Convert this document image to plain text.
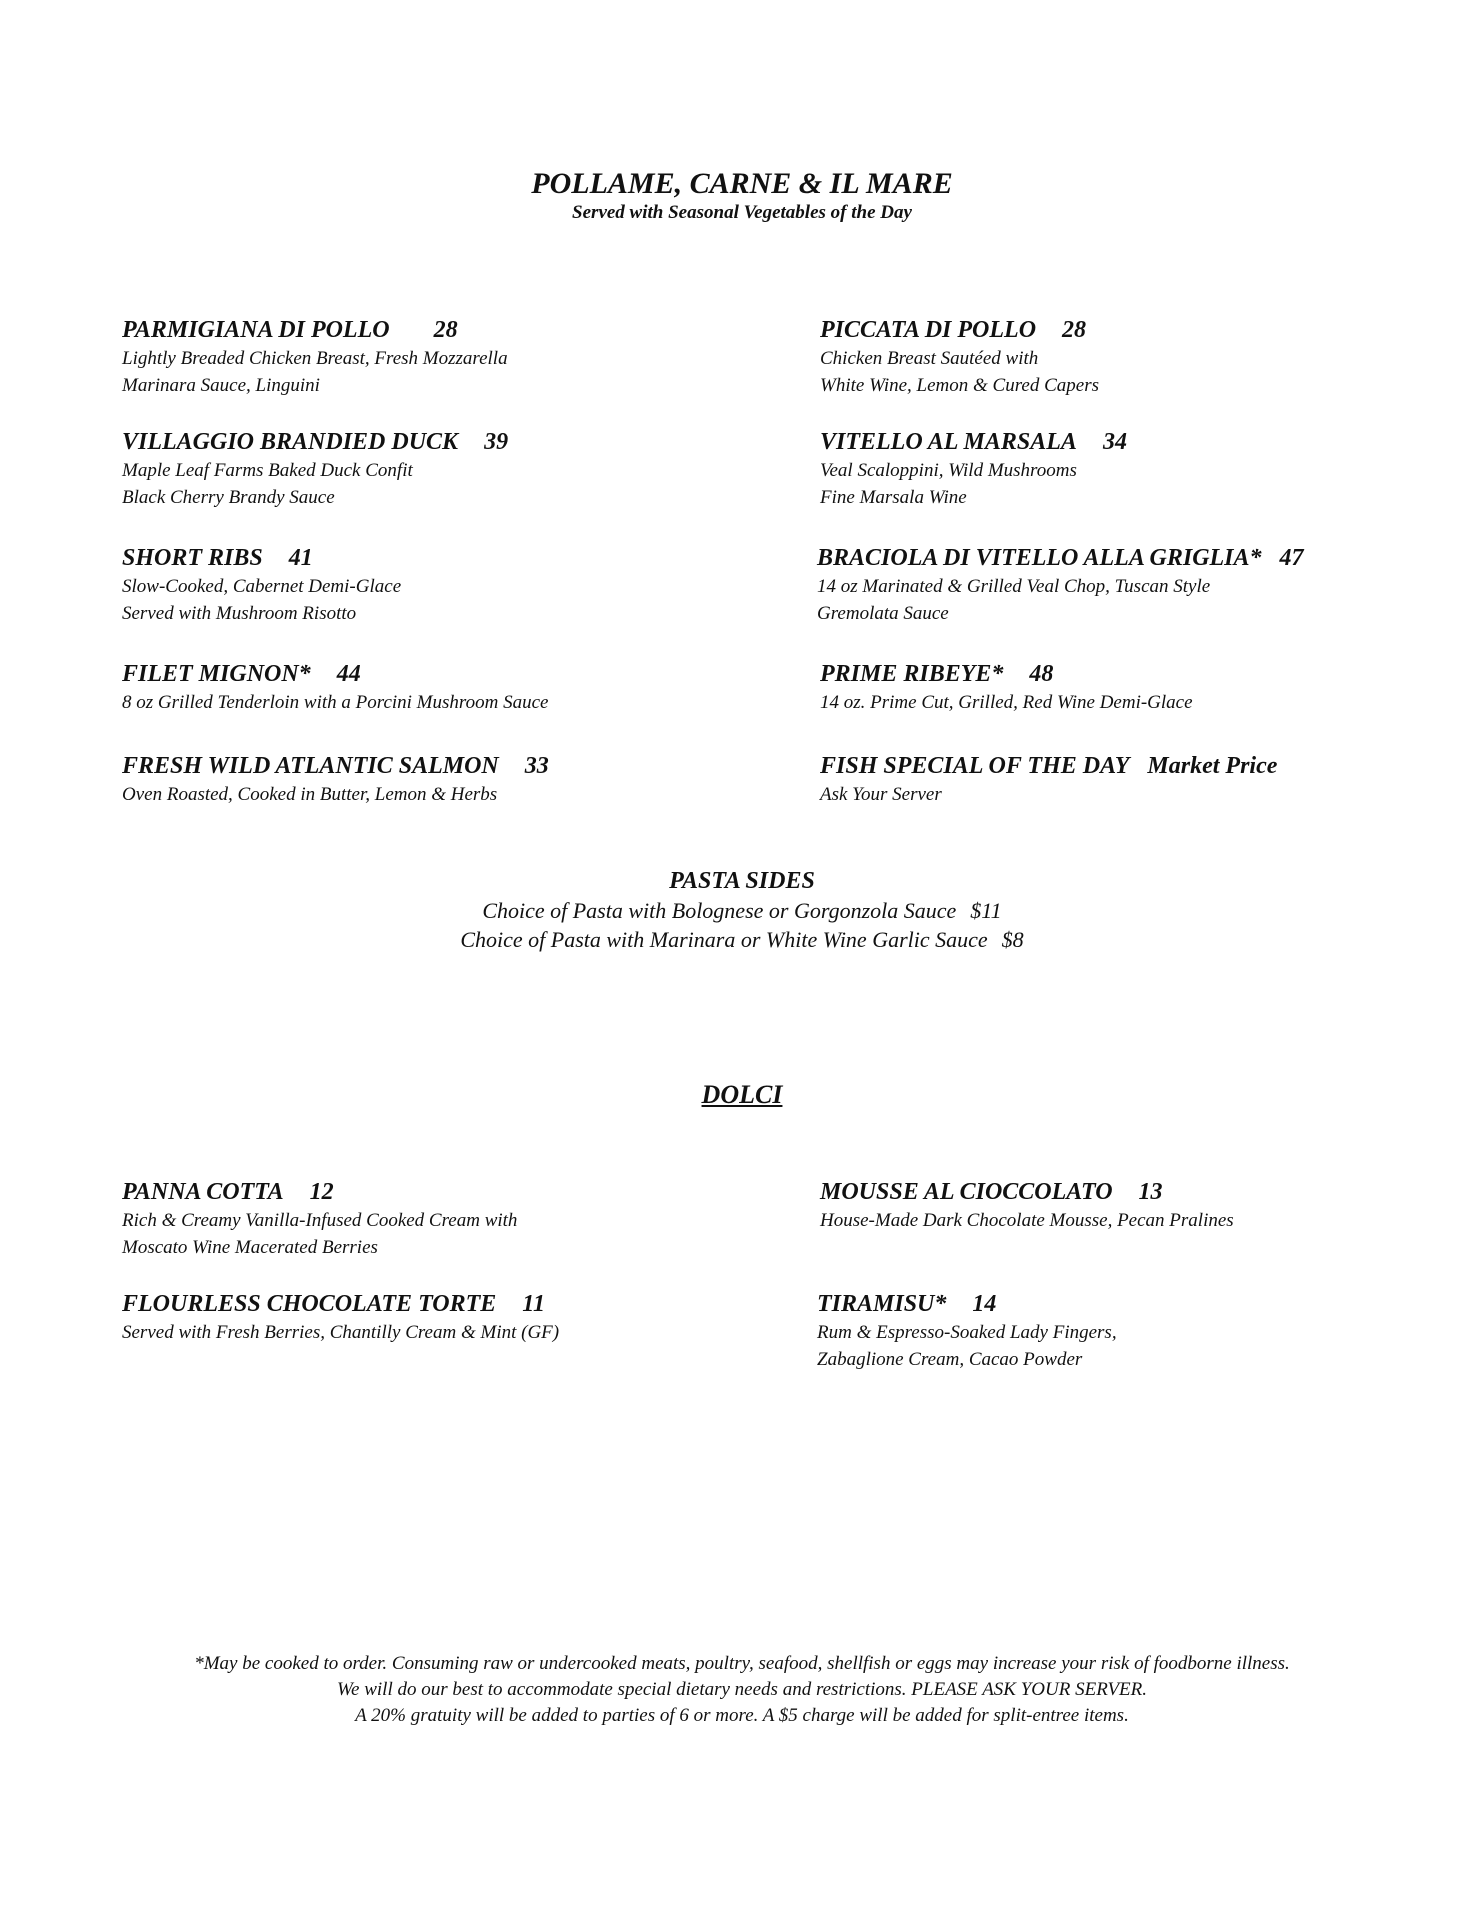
POLLAME, CARNE & IL MARE
Served with Seasonal Vegetables of the Day
PARMIGIANA DI POLLO 28
Lightly Breaded Chicken Breast, Fresh Mozzarella
Marinara Sauce, Linguini
VILLAGGIO BRANDIED DUCK 39
Maple Leaf Farms Baked Duck Confit
Black Cherry Brandy Sauce
SHORT RIBS 41
Slow-Cooked, Cabernet Demi-Glace
Served with Mushroom Risotto
FILET MIGNON* 44
8 oz Grilled Tenderloin with a Porcini Mushroom Sauce
FRESH WILD ATLANTIC SALMON 33
Oven Roasted, Cooked in Butter, Lemon & Herbs
PICCATA DI POLLO 28
Chicken Breast Sautéed with
White Wine, Lemon & Cured Capers
VITELLO AL MARSALA 34
Veal Scaloppini, Wild Mushrooms
Fine Marsala Wine
BRACIOLA DI VITELLO ALLA GRIGLIA* 47
14 oz Marinated & Grilled Veal Chop, Tuscan Style
Gremolata Sauce
PRIME RIBEYE* 48
14 oz. Prime Cut, Grilled, Red Wine Demi-Glace
FISH SPECIAL OF THE DAY Market Price
Ask Your Server
PASTA SIDES
Choice of Pasta with Bolognese or Gorgonzola Sauce $11
Choice of Pasta with Marinara or White Wine Garlic Sauce $8
DOLCI
PANNA COTTA 12
Rich & Creamy Vanilla-Infused Cooked Cream with
Moscato Wine Macerated Berries
FLOURLESS CHOCOLATE TORTE 11
Served with Fresh Berries, Chantilly Cream & Mint (GF)
MOUSSE AL CIOCCOLATO 13
House-Made Dark Chocolate Mousse, Pecan Pralines
TIRAMISU* 14
Rum & Espresso-Soaked Lady Fingers,
Zabaglione Cream, Cacao Powder
*May be cooked to order. Consuming raw or undercooked meats, poultry, seafood, shellfish or eggs may increase your risk of foodborne illness.
We will do our best to accommodate special dietary needs and restrictions. PLEASE ASK YOUR SERVER.
A 20% gratuity will be added to parties of 6 or more. A $5 charge will be added for split-entree items.
